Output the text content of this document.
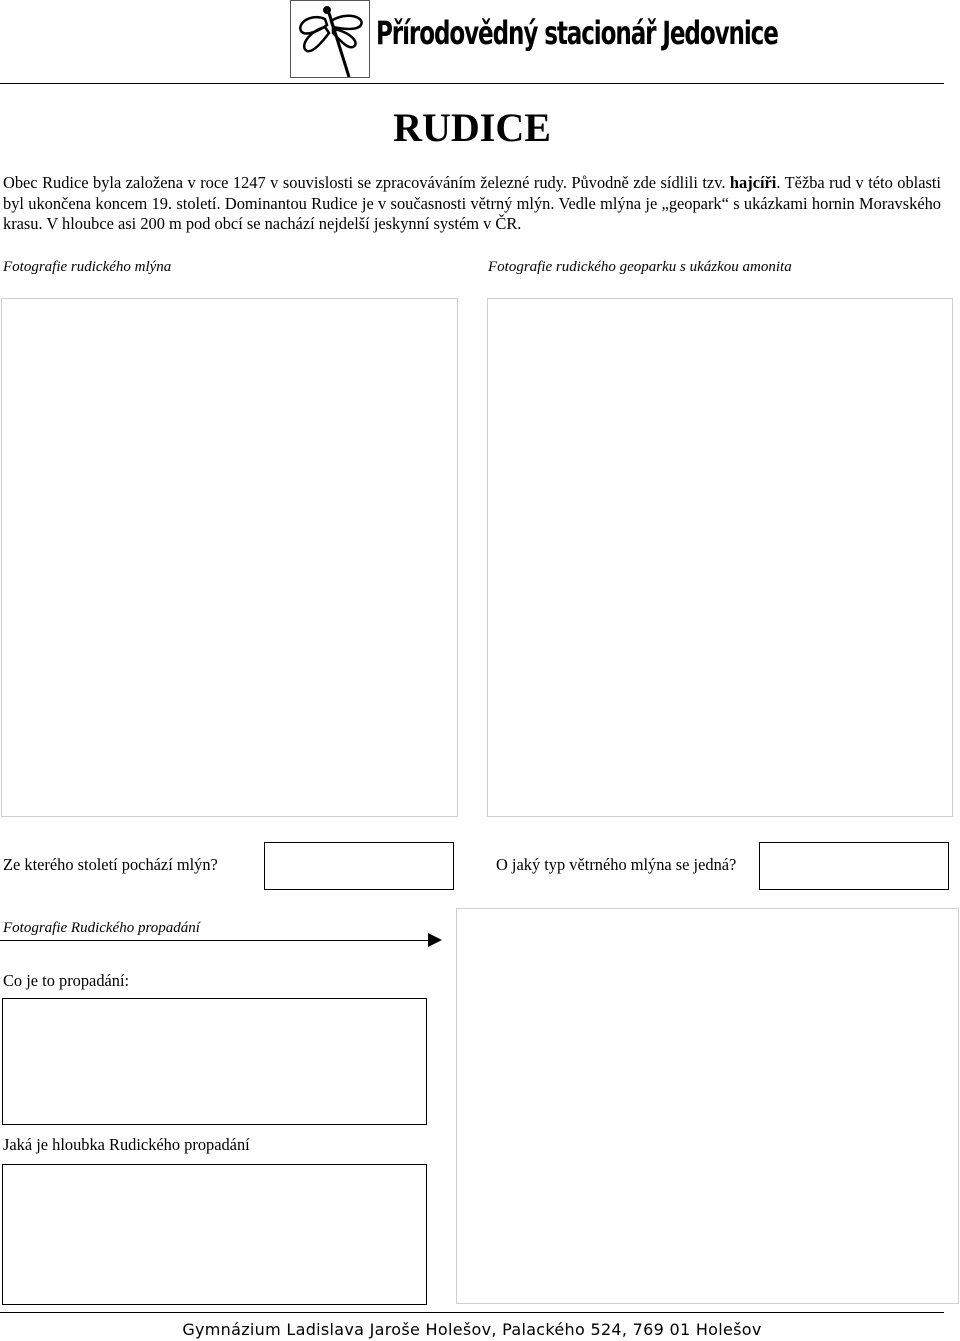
Přírodovědný stacionář Jedovnice
RUDICE
Obec Rudice byla založena v roce 1247 v souvislosti se zpracováváním železné rudy. Původně zde sídlili tzv. hajcíři. Těžba rud v této oblasti byl ukončena koncem 19. století. Dominantou Rudice je v současnosti větrný mlýn. Vedle mlýna je „geopark“ s ukázkami hornin Moravského krasu. V hloubce asi 200 m pod obcí se nachází nejdelší jeskynní systém v ČR.
Fotografie rudického mlýna	Fotografie rudického geoparku s ukázkou amonita
Ze kterého století pochází mlýn?	O jaký typ větrného mlýna se jedná?
Fotografie Rudického propadání
Co je to propadání:
Jaká je hloubka Rudického propadání
Gymnázium Ladislava Jaroše Holešov, Palackého 524, 769 01 Holešov
